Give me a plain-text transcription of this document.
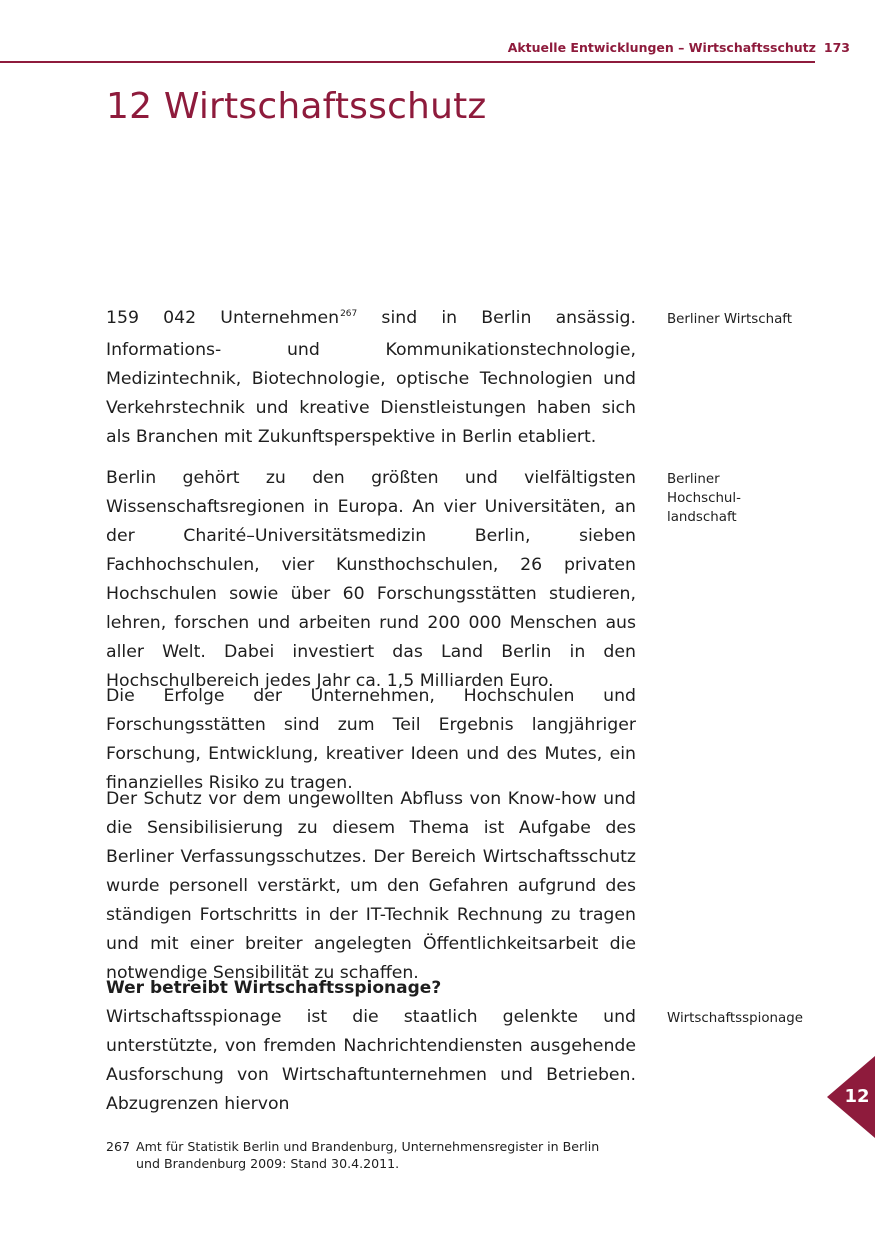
Aktuelle Entwicklungen – Wirtschaftsschutz 173
12 Wirtschaftsschutz

159 042 Unternehmen$^{267}$ sind in Berlin ansässig. Informations- und Kommunikationstechnologie, Medizintechnik, Biotechnologie, optische Technologien und Verkehrstechnik und kreative Dienstleistungen haben sich als Branchen mit Zukunftsperspektive in Berlin etabliert.

Berliner Wirtschaft

Berlin gehört zu den größten und vielfältigsten Wissenschaftsregionen in Europa. An vier Universitäten, an der Charité–Universitätsmedizin Berlin, sieben Fachhochschulen, vier Kunsthochschulen, 26 privaten Hochschulen sowie über 60 Forschungsstätten studieren, lehren, forschen und arbeiten rund 200 000 Menschen aus aller Welt. Dabei investiert das Land Berlin in den Hochschulbereich jedes Jahr ca. 1,5 Milliarden Euro.

Berliner Hochschul-landschaft

Die Erfolge der Unternehmen, Hochschulen und Forschungsstätten sind zum Teil Ergebnis langjähriger Forschung, Entwicklung, kreativer Ideen und des Mutes, ein finanzielles Risiko zu tragen.

Der Schutz vor dem ungewollten Abfluss von Know-how und die Sensibilisierung zu diesem Thema ist Aufgabe des Berliner Verfassungsschutzes. Der Bereich Wirtschaftsschutz wurde personell verstärkt, um den Gefahren aufgrund des ständigen Fortschritts in der IT-Technik Rechnung zu tragen und mit einer breiter angelegten Öffentlichkeitsarbeit die notwendige Sensibilität zu schaffen.

Wer betreibt Wirtschaftsspionage?

Wirtschaftsspionage ist die staatlich gelenkte und unterstützte, von fremden Nachrichtendiensten ausgehende Ausforschung von Wirtschaftunternehmen und Betrieben. Abzugrenzen hiervon

Wirtschaftsspionage
12
267 Amt für Statistik Berlin und Brandenburg, Unternehmensregister in Berlin und Brandenburg 2009: Stand 30.4.2011.
